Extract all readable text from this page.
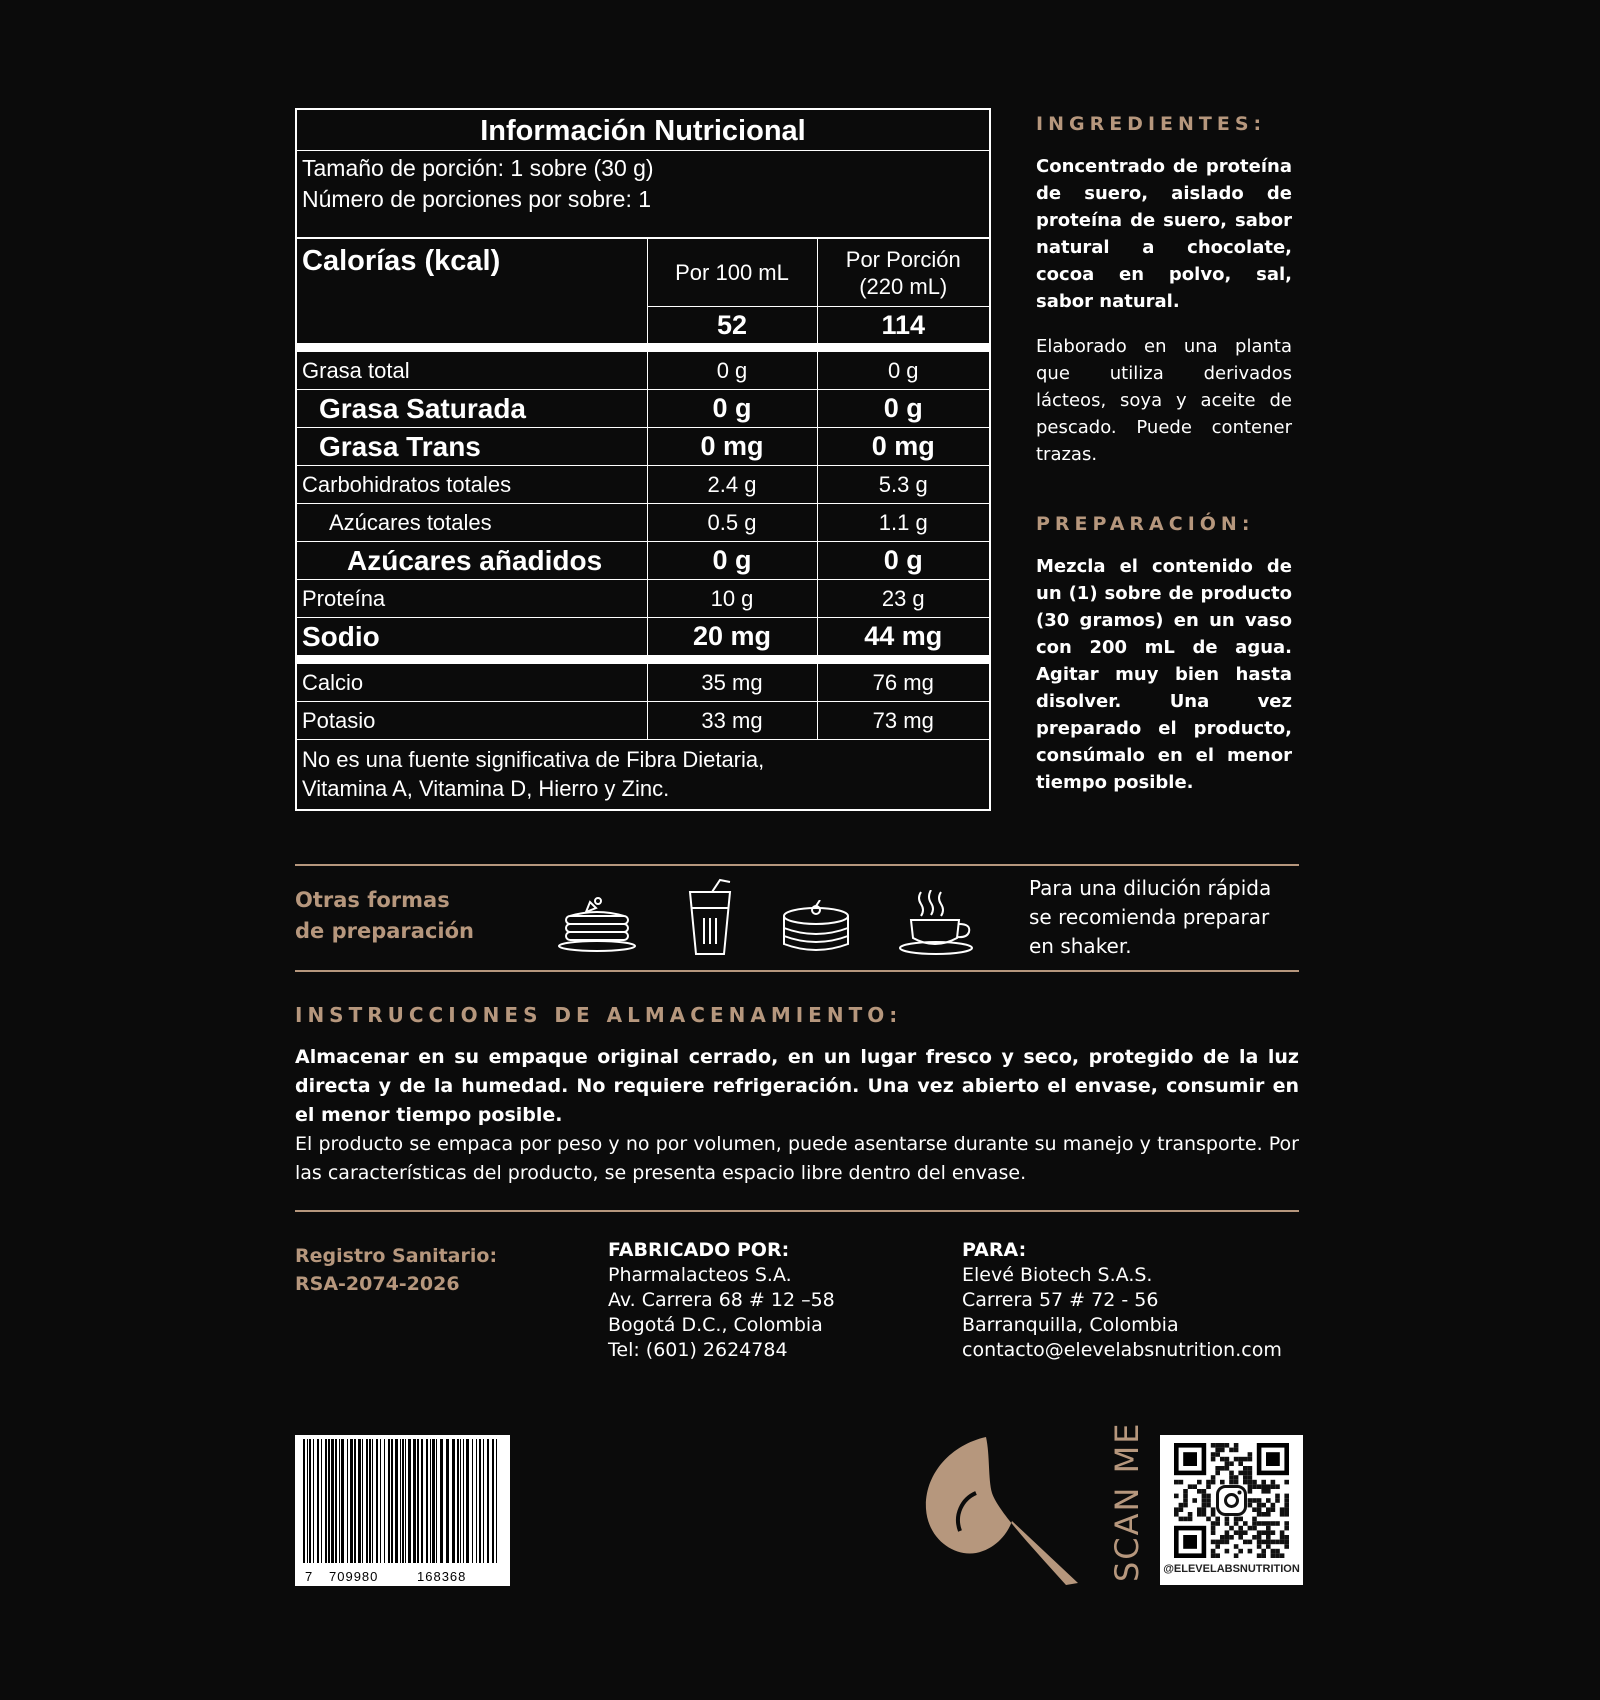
Información Nutricional
Tamaño de porción: 1 sobre (30 g)
Número de porciones por sobre: 1
Calorías (kcal)	Por 100 mL	Por Porción
(220 mL)

	52	114
Grasa total	0 g	0 g
Grasa Saturada	0 g	0 g
Grasa Trans	0 mg	0 mg
Carbohidratos totales	2.4 g	5.3 g
Azúcares totales	0.5 g	1.1 g
Azúcares añadidos	0 g	0 g
Proteína	10 g	23 g
Sodio	20 mg	44 mg
Calcio	35 mg	76 mg
Potasio	33 mg	73 mg
No es una fuente significativa de Fibra Dietaria,
Vitamina A, Vitamina D, Hierro y Zinc.
INGREDIENTES:
Concentrado de proteína de suero, aislado de proteína de suero, sabor natural a chocolate, cocoa en polvo, sal, sabor natural.
Elaborado en una planta que utiliza derivados lácteos, soya y aceite de pescado. Puede contener trazas.
PREPARACIÓN:
Mezcla el contenido de un (1) sobre de producto (30 gramos) en un vaso con 200 mL de agua. Agitar muy bien hasta disolver. Una vez preparado el producto, consúmalo en el menor tiempo posible.
Otras formas
de preparación
Para una dilución rápida
se recomienda preparar
en shaker.
INSTRUCCIONES DE ALMACENAMIENTO:
Almacenar en su empaque original cerrado, en un lugar fresco y seco, protegido de la luz directa y de la humedad. No requiere refrigeración. Una vez abierto el envase, consumir en el menor tiempo posible.
El producto se empaca por peso y no por volumen, puede asentarse durante su manejo y transporte. Por las características del producto, se presenta espacio libre dentro del envase.
Registro Sanitario:
RSA-2074-2026
FABRICADO POR:
Pharmalacteos S.A.
Av. Carrera 68 # 12 –58
Bogotá D.C., Colombia
Tel: (601) 2624784
PARA:
Elevé Biotech S.A.S.
Carrera 57 # 72 - 56
Barranquilla, Colombia
contacto@elevelabsnutrition.com
7 709980	168368	SCAN ME @ELEVELABSNUTRITION
